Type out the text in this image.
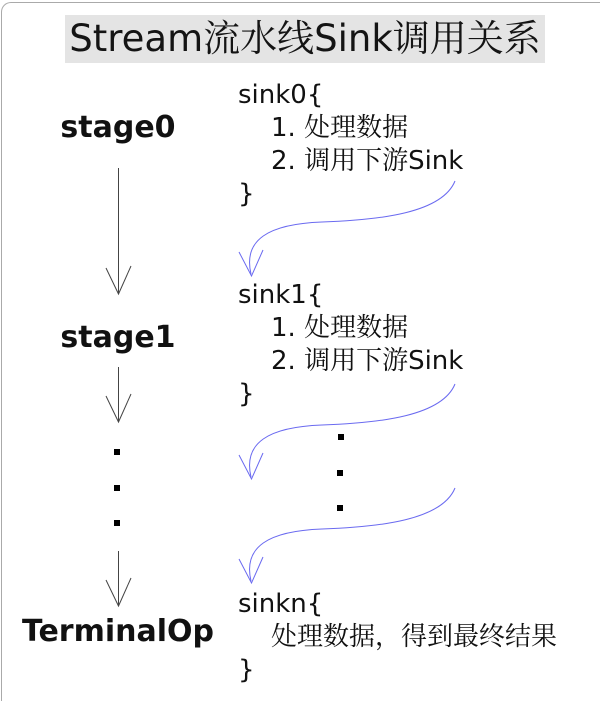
Stream流水线Sink调用关系
stage0
stage1
TerminalOp
sink0{
1. 处理数据
2. 调用下游Sink
}
sink1{
1. 处理数据
2. 调用下游Sink
}
sinkn{
处理数据，得到最终结果
}
